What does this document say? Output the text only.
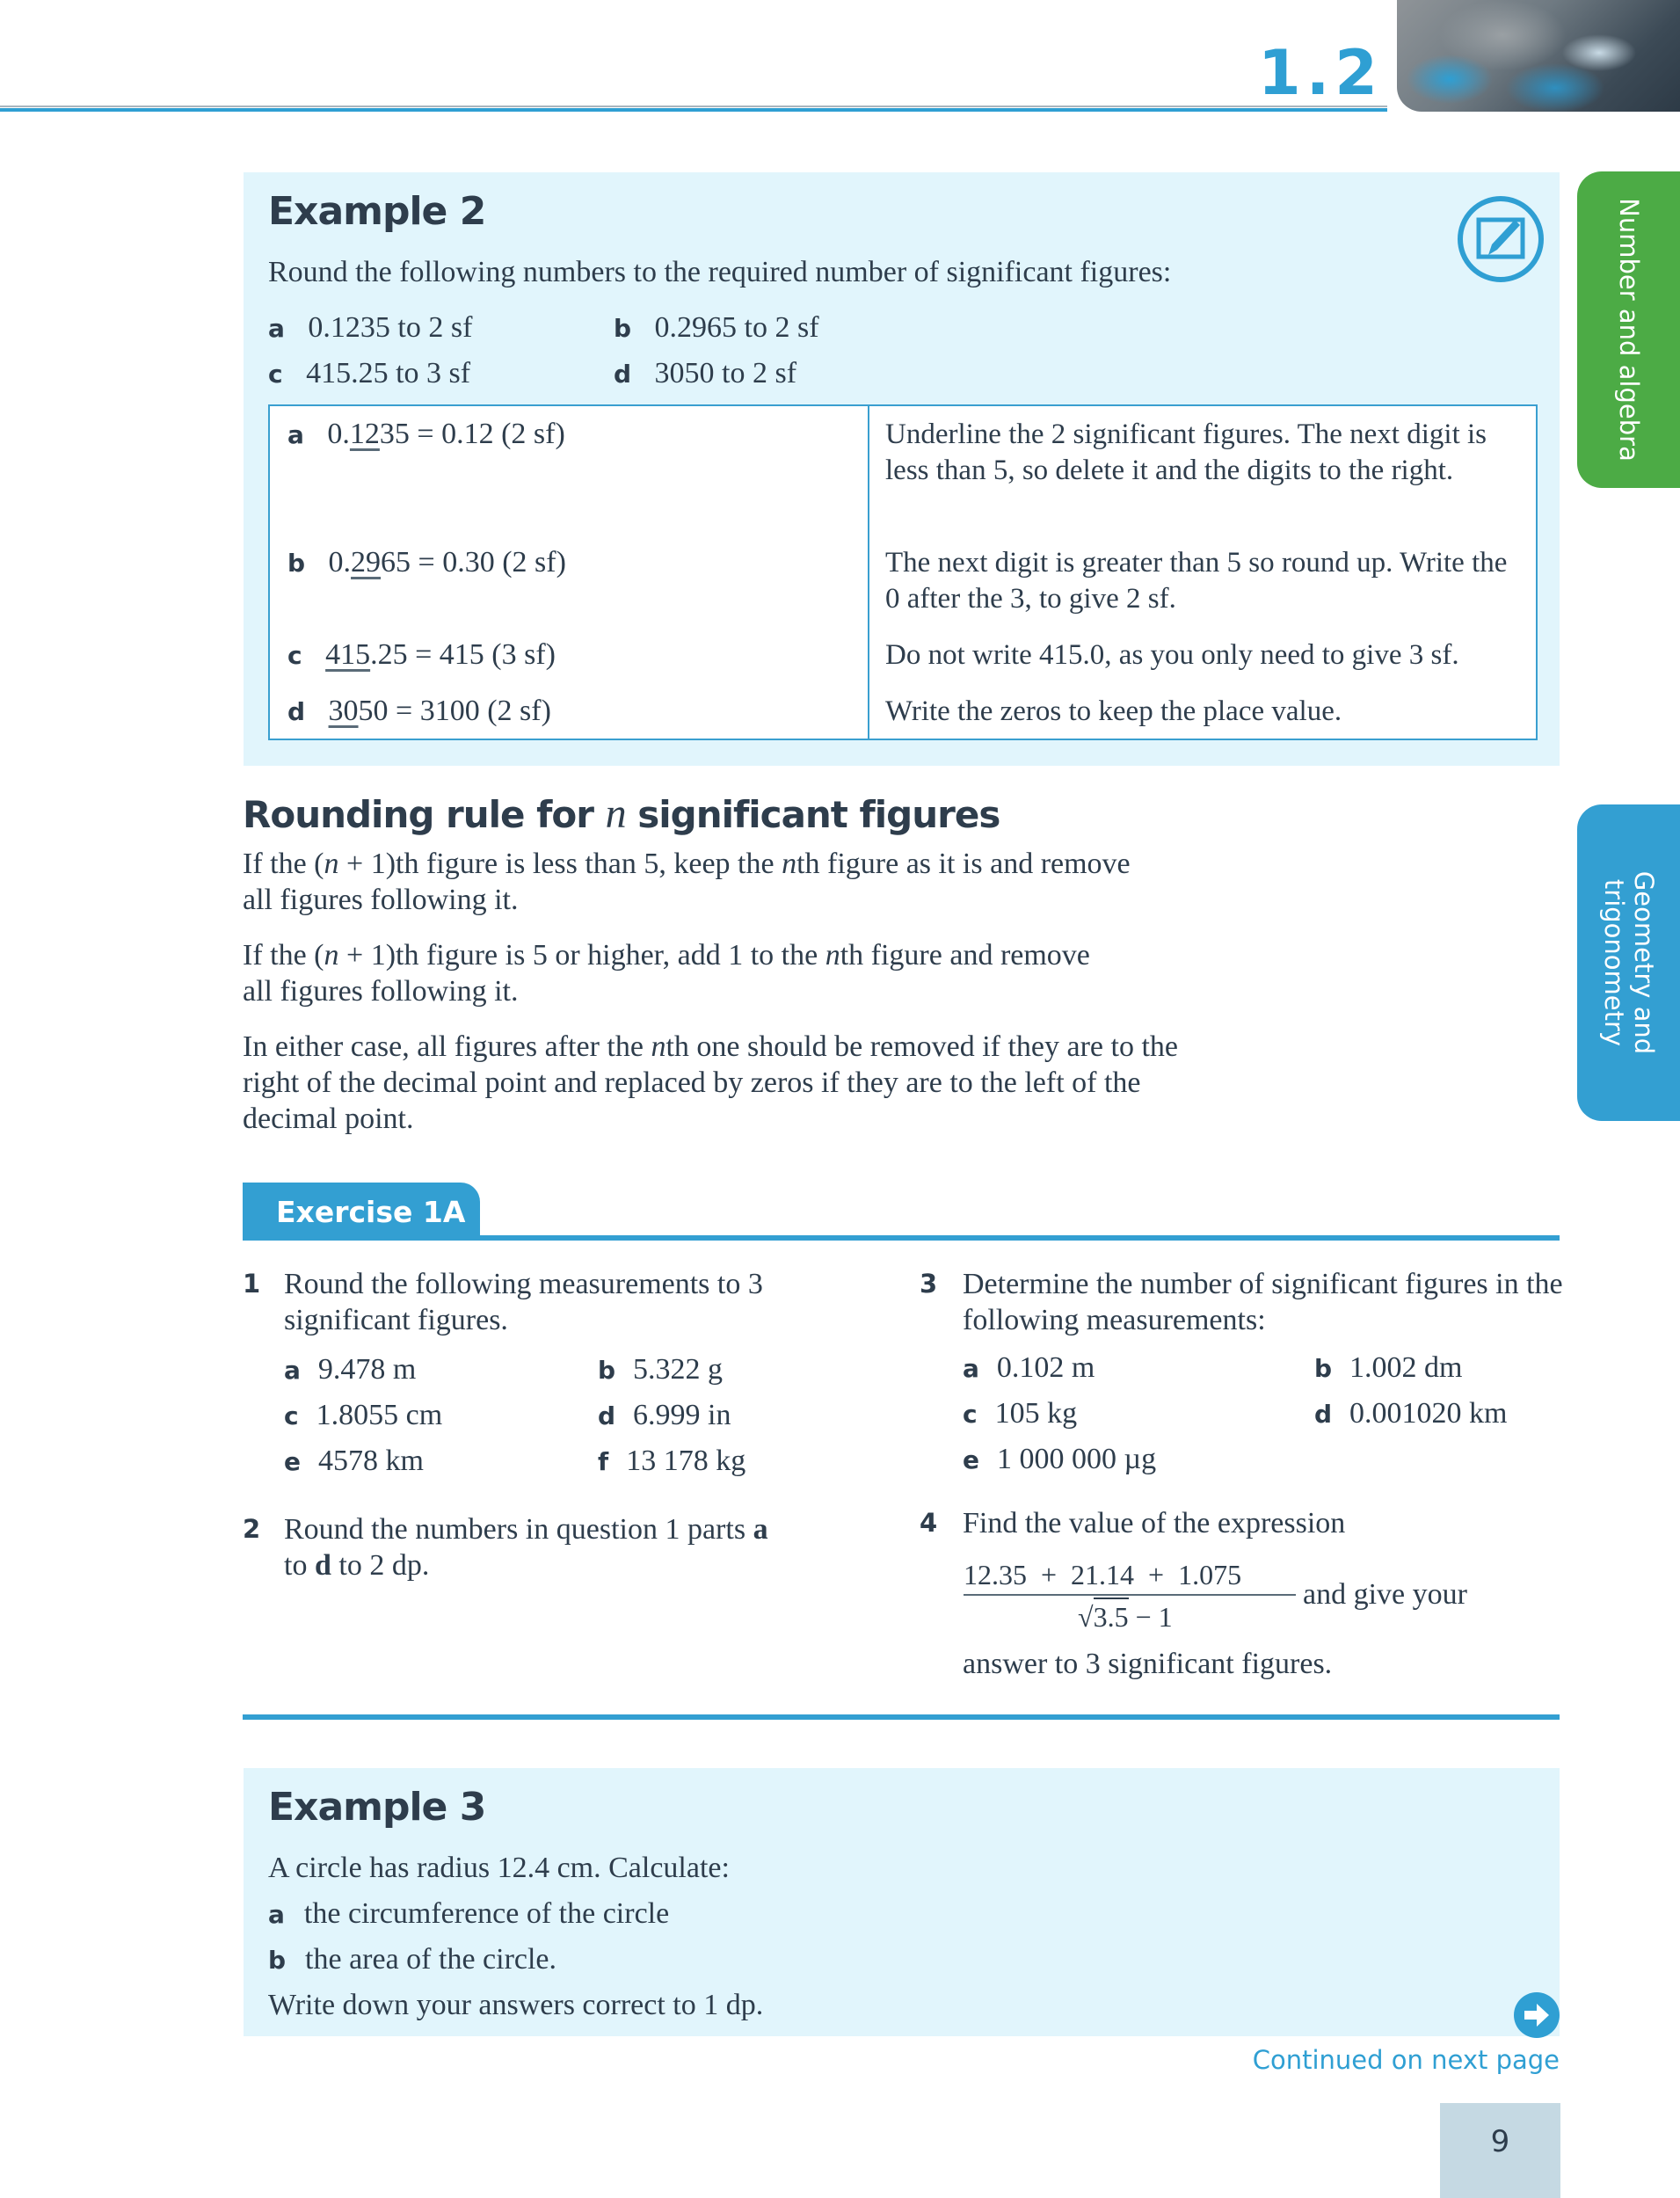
1.2
Number and algebra
Geometry and
trigonometry
Example 2
Round the following numbers to the required number of significant figures:
a 0.1235 to 2 sf	b 0.2965 to 2 sf
c 415.25 to 3 sf	d 3050 to 2 sf
a 0.1235 = 0.12 (2 sf)	Underline the 2 significant figures. The next digit is less than 5, so delete it and the digits to the right.
b 0.2965 = 0.30 (2 sf)	The next digit is greater than 5 so round up. Write the 0 after the 3, to give 2 sf.
c 415.25 = 415 (3 sf)	Do not write 415.0, as you only need to give 3 sf.
d 3050 = 3100 (2 sf)	Write the zeros to keep the place value.
Rounding rule for n significant figures
If the (n + 1)th figure is less than 5, keep the nth figure as it is and remove all figures following it.
If the (n + 1)th figure is 5 or higher, add 1 to the nth figure and remove all figures following it.
In either case, all figures after the nth one should be removed if they are to the right of the decimal point and replaced by zeros if they are to the left of the decimal point.
Exercise 1A
1 Round the following measurements to 3 significant figures.
a 9.478 m	b 5.322 g
c 1.8055 cm	d 6.999 in
e 4578 km	f 13 178 kg
2 Round the numbers in question 1 parts a
to d to 2 dp.
3 Determine the number of significant figures in the following measurements:
a 0.102 m	b 1.002 dm
c 105 kg	d 0.001020 km
e 1 000 000 µg
4 Find the value of the expression
12.35  +  21.14  +  1.075
√3.5 − 1
and give your
answer to 3 significant figures.
Example 3
A circle has radius 12.4 cm. Calculate:
a the circumference of the circle
b the area of the circle.
Write down your answers correct to 1 dp.
Continued on next page
9
